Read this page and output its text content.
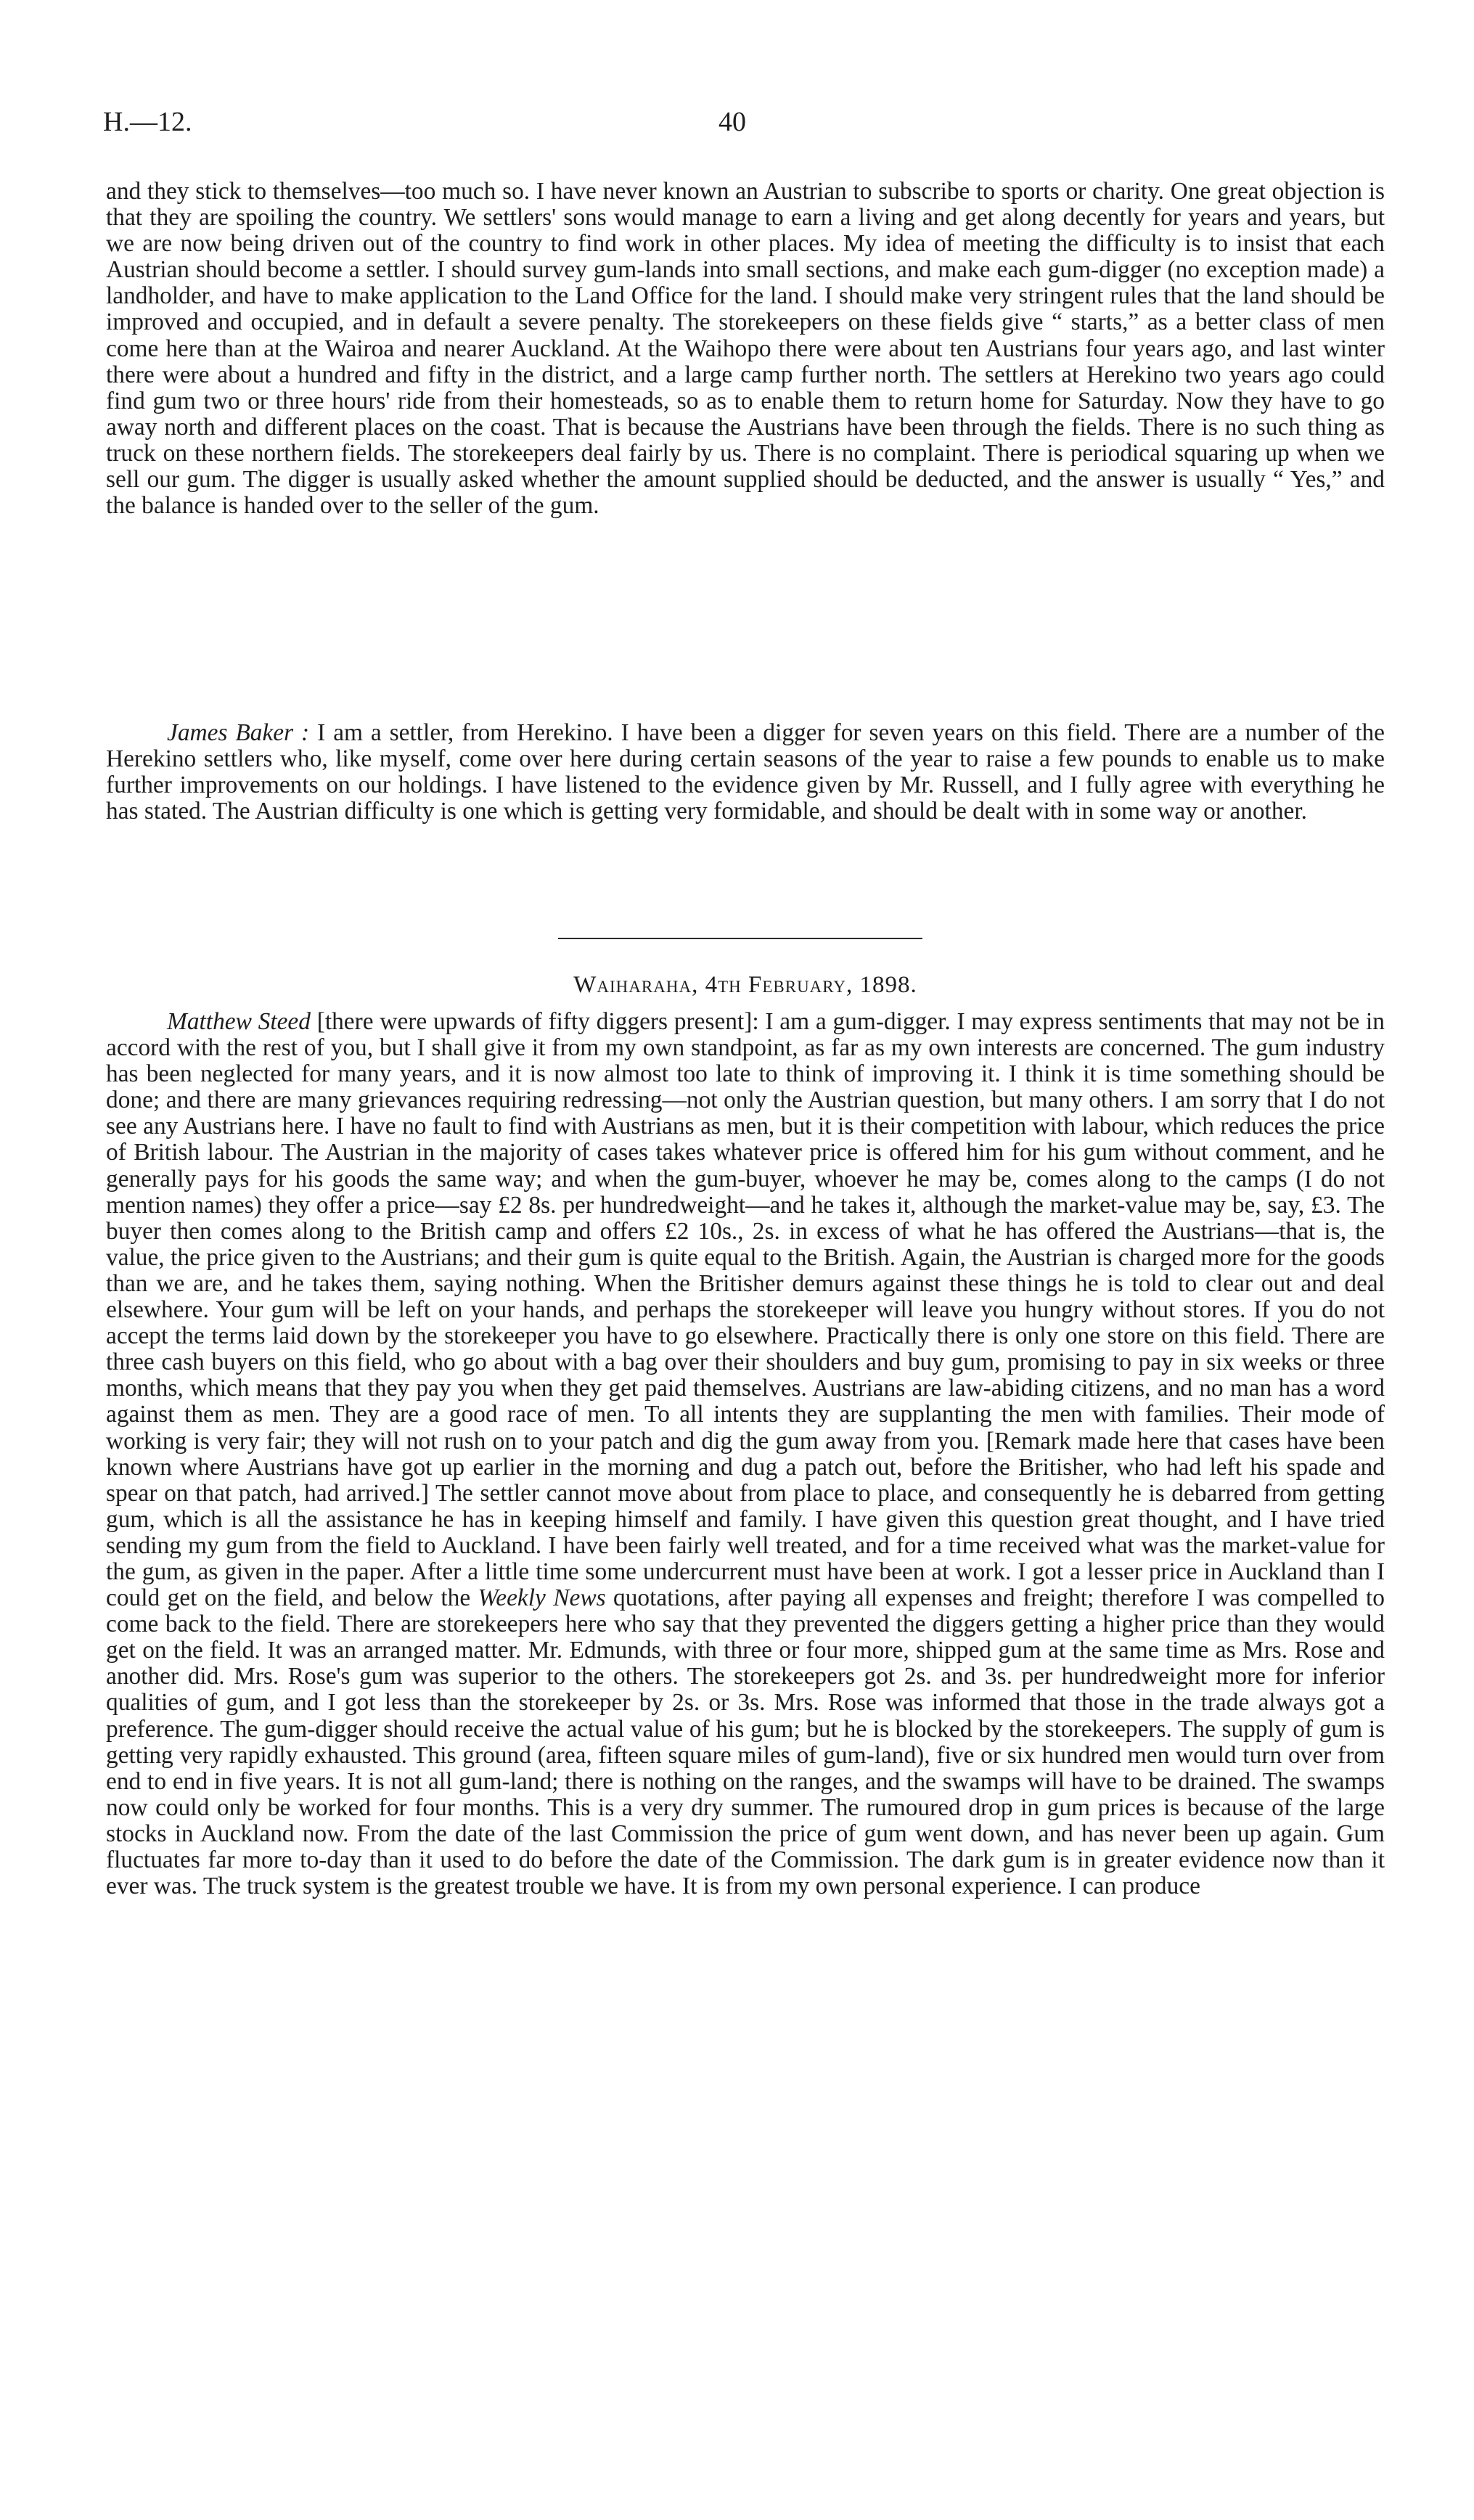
H.—12.	40

and they stick to themselves—too much so. I have never known an Austrian to subscribe to sports or charity. One great objection is that they are spoiling the country. We settlers' sons would manage to earn a living and get along decently for years and years, but we are now being driven out of the country to find work in other places. My idea of meeting the difficulty is to insist that each Austrian should become a settler. I should survey gum-lands into small sections, and make each gum-digger (no exception made) a landholder, and have to make application to the Land Office for the land. I should make very stringent rules that the land should be improved and occupied, and in default a severe penalty. The storekeepers on these fields give “ starts,” as a better class of men come here than at the Wairoa and nearer Auckland. At the Waihopo there were about ten Austrians four years ago, and last winter there were about a hundred and fifty in the district, and a large camp further north. The settlers at Herekino two years ago could find gum two or three hours' ride from their homesteads, so as to enable them to return home for Saturday. Now they have to go away north and different places on the coast. That is because the Austrians have been through the fields. There is no such thing as truck on these northern fields. The storekeepers deal fairly by us. There is no complaint. There is periodical squaring up when we sell our gum. The digger is usually asked whether the amount supplied should be deducted, and the answer is usually “ Yes,” and the balance is handed over to the seller of the gum.

James Baker : I am a settler, from Herekino. I have been a digger for seven years on this field. There are a number of the Herekino settlers who, like myself, come over here during certain seasons of the year to raise a few pounds to enable us to make further improvements on our holdings. I have listened to the evidence given by Mr. Russell, and I fully agree with everything he has stated. The Austrian difficulty is one which is getting very formidable, and should be dealt with in some way or another.

Waiharaha, 4th February, 1898.

Matthew Steed [there were upwards of fifty diggers present]: I am a gum-digger. I may express sentiments that may not be in accord with the rest of you, but I shall give it from my own standpoint, as far as my own interests are concerned. The gum industry has been neglected for many years, and it is now almost too late to think of improving it. I think it is time something should be done; and there are many grievances requiring redressing—not only the Austrian question, but many others. I am sorry that I do not see any Austrians here. I have no fault to find with Austrians as men, but it is their competition with labour, which reduces the price of British labour. The Austrian in the majority of cases takes whatever price is offered him for his gum without comment, and he generally pays for his goods the same way; and when the gum-buyer, whoever he may be, comes along to the camps (I do not mention names) they offer a price—say £2 8s. per hundredweight—and he takes it, although the market-value may be, say, £3. The buyer then comes along to the British camp and offers £2 10s., 2s. in excess of what he has offered the Austrians—that is, the value, the price given to the Austrians; and their gum is quite equal to the British. Again, the Austrian is charged more for the goods than we are, and he takes them, saying nothing. When the Britisher demurs against these things he is told to clear out and deal elsewhere. Your gum will be left on your hands, and perhaps the storekeeper will leave you hungry without stores. If you do not accept the terms laid down by the storekeeper you have to go elsewhere. Practically there is only one store on this field. There are three cash buyers on this field, who go about with a bag over their shoulders and buy gum, promising to pay in six weeks or three months, which means that they pay you when they get paid themselves. Austrians are law-abiding citizens, and no man has a word against them as men. They are a good race of men. To all intents they are supplanting the men with families. Their mode of working is very fair; they will not rush on to your patch and dig the gum away from you. [Remark made here that cases have been known where Austrians have got up earlier in the morning and dug a patch out, before the Britisher, who had left his spade and spear on that patch, had arrived.] The settler cannot move about from place to place, and consequently he is debarred from getting gum, which is all the assistance he has in keeping himself and family. I have given this question great thought, and I have tried sending my gum from the field to Auckland. I have been fairly well treated, and for a time received what was the market-value for the gum, as given in the paper. After a little time some undercurrent must have been at work. I got a lesser price in Auckland than I could get on the field, and below the Weekly News quotations, after paying all expenses and freight; therefore I was compelled to come back to the field. There are storekeepers here who say that they prevented the diggers getting a higher price than they would get on the field. It was an arranged matter. Mr. Edmunds, with three or four more, shipped gum at the same time as Mrs. Rose and another did. Mrs. Rose's gum was superior to the others. The storekeepers got 2s. and 3s. per hundredweight more for inferior qualities of gum, and I got less than the storekeeper by 2s. or 3s. Mrs. Rose was informed that those in the trade always got a preference. The gum-digger should receive the actual value of his gum; but he is blocked by the storekeepers. The supply of gum is getting very rapidly exhausted. This ground (area, fifteen square miles of gum-land), five or six hundred men would turn over from end to end in five years. It is not all gum-land; there is nothing on the ranges, and the swamps will have to be drained. The swamps now could only be worked for four months. This is a very dry summer. The rumoured drop in gum prices is because of the large stocks in Auckland now. From the date of the last Commission the price of gum went down, and has never been up again. Gum fluctuates far more to-day than it used to do before the date of the Commission. The dark gum is in greater evidence now than it ever was. The truck system is the greatest trouble we have. It is from my own personal experience. I can produce
